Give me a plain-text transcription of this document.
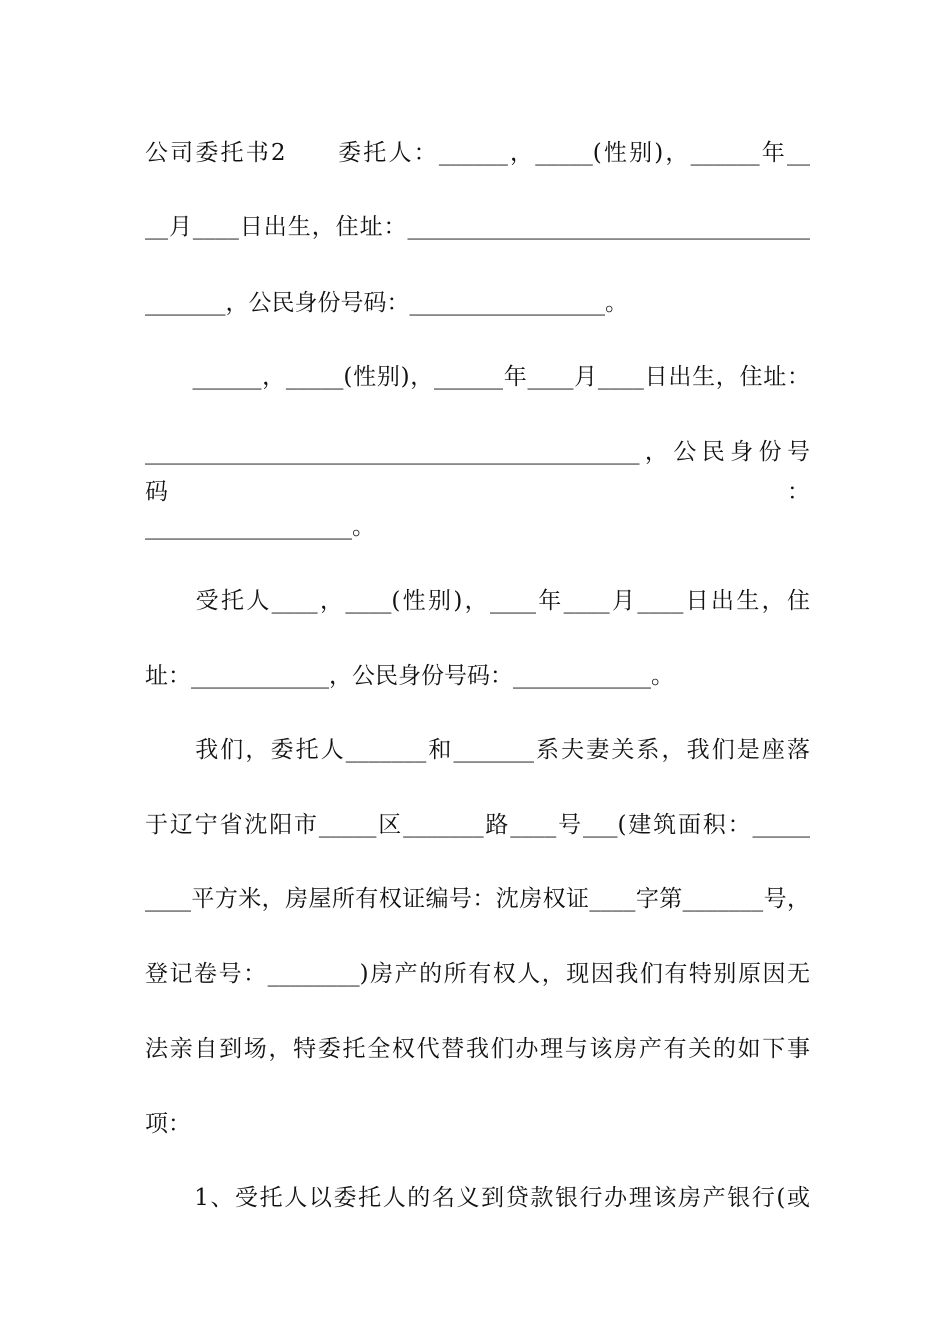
公司委托书2　　委托人：______，_____(性别)，______年__
__月____日出生，住址：___________________________________
_______，公民身份号码：_________________。
　　______，_____(性别)，______年____月____日出生，住址：
___________________________________________，公民身份号码：
__________________。
　　受托人____，____(性别)，____年____月____日出生，住
址：____________，公民身份号码：____________。
　　我们，委托人_______和_______系夫妻关系，我们是座落
于辽宁省沈阳市_____区_______路____号___(建筑面积：_____
____平方米，房屋所有权证编号：沈房权证____字第_______号，
登记卷号：________)房产的所有权人，现因我们有特别原因无
法亲自到场，特委托全权代替我们办理与该房产有关的如下事
项：
　　1、受托人以委托人的名义到贷款银行办理该房产银行(或
